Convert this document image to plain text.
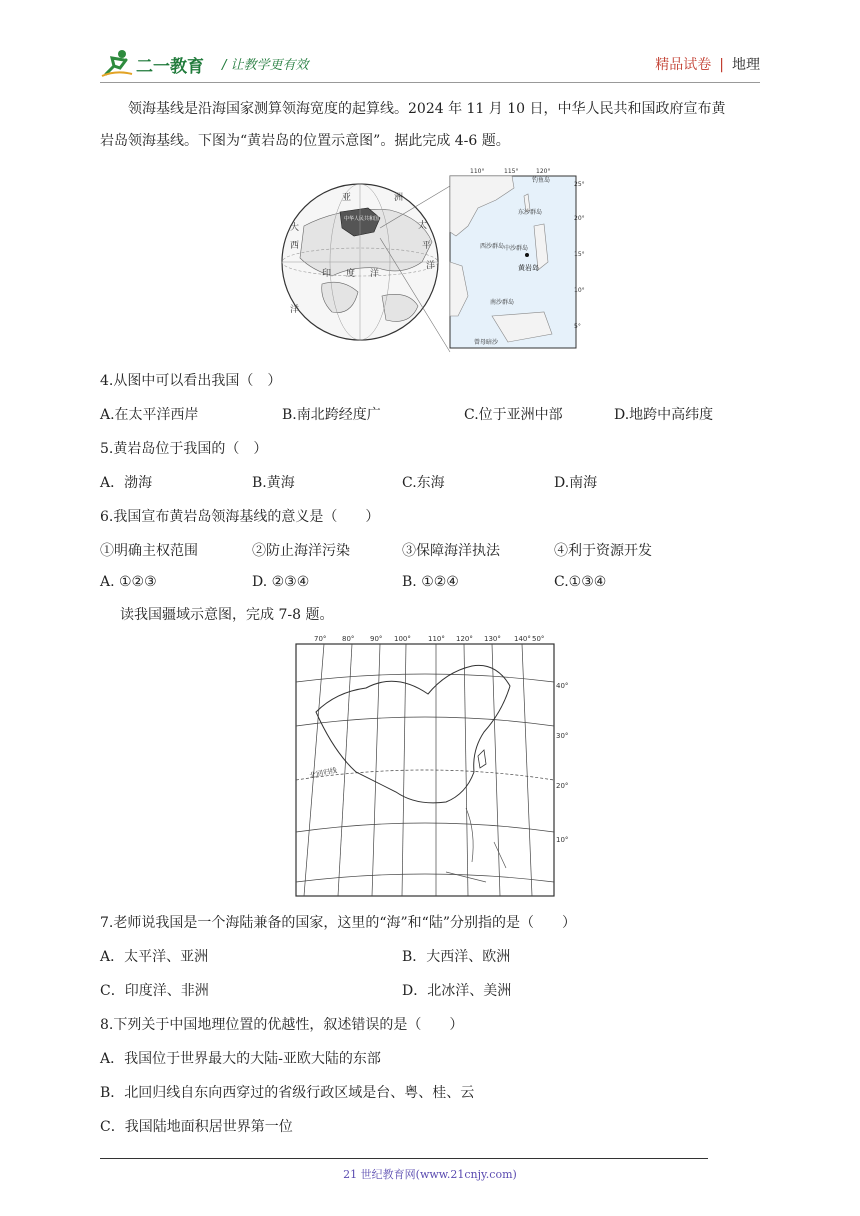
二一教育 / 让教学更有效	精品试卷 | 地理
领海基线是沿海国家测算领海宽度的起算线。2024 年 11 月 10 日，中华人民共和国政府宣布黄
岩岛领海基线。下图为“黄岩岛的位置示意图”。据此完成 4-6 题。
亚	洲
太
平
洋
印 度 洋
大
西
洋
中华人民共和国
110°	115°	120°
25°
20°
15°
10°
5°
钓鱼岛
东沙群岛
西沙群岛 中沙群岛
黄岩岛
南沙群岛
曾母暗沙
4.从图中可以看出我国（　）
A.在太平洋西岸	B.南北跨经度广	C.位于亚洲中部	D.地跨中高纬度
5.黄岩岛位于我国的（　）
A．渤海	B.黄海	C.东海	D.南海
6.我国宣布黄岩岛领海基线的意义是（　　）
①明确主权范围	②防止海洋污染	③保障海洋执法	④利于资源开发
A. ①②③	D. ②③④	B. ①②④	C.①③④
读我国疆域示意图，完成 7-8 题。
70° 80° 90° 100° 110° 120° 130° 140° 50°
40°
30°
20°
10°
北回归线
7.老师说我国是一个海陆兼备的国家，这里的“海”和“陆”分别指的是（　　）
A．太平洋、亚洲	B．大西洋、欧洲
C．印度洋、非洲	D．北冰洋、美洲
8.下列关于中国地理位置的优越性，叙述错误的是（　　）
A．我国位于世界最大的大陆-亚欧大陆的东部
B．北回归线自东向西穿过的省级行政区域是台、粤、桂、云
C．我国陆地面积居世界第一位
21 世纪教育网(www.21cnjy.com)
